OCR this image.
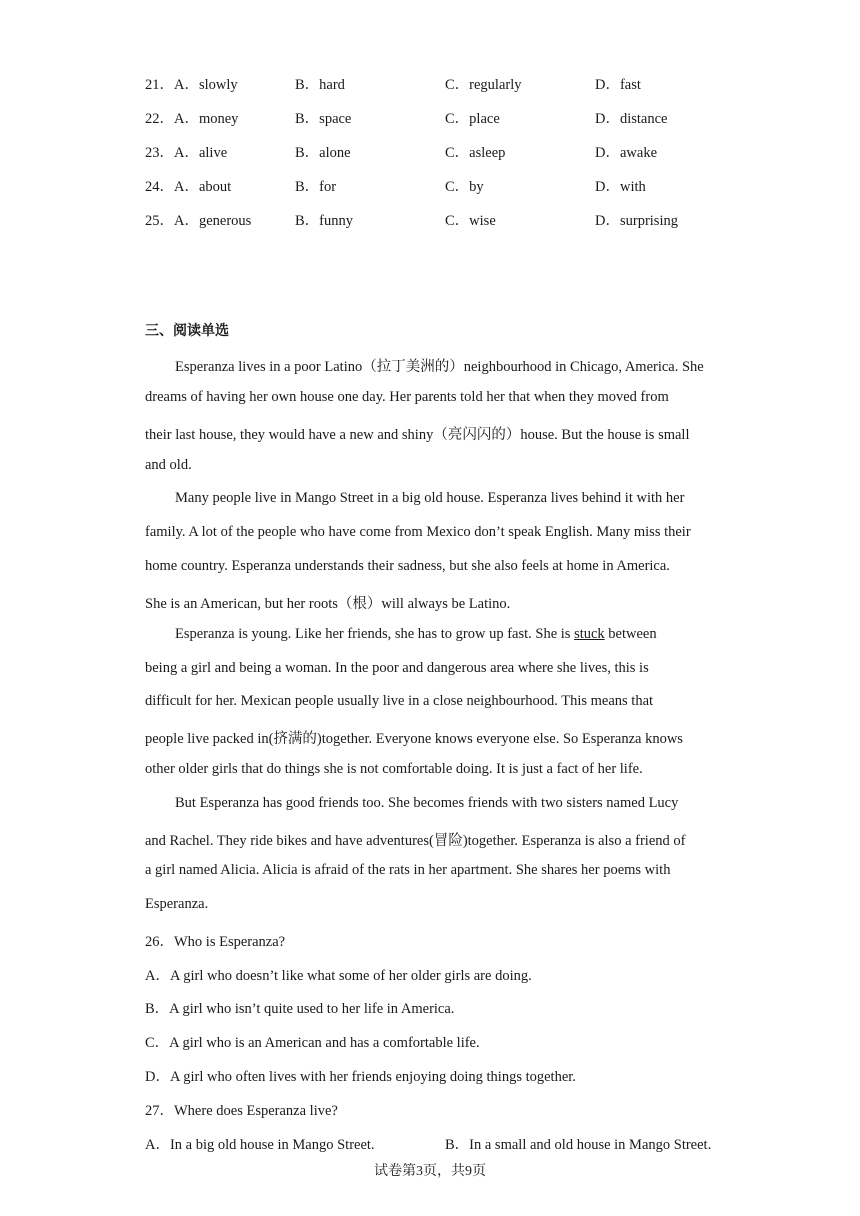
21．A．slowly	B．hard	C．regularly	D．fast
22．A．money	B．space	C．place	D．distance
23．A．alive	B．alone	C．asleep	D．awake
24．A．about	B．for	C．by	D．with
25．A．generous	B．funny	C．wise	D．surprising
三、阅读单选
Esperanza lives in a poor Latino（拉丁美洲的）neighbourhood in Chicago, America. She
dreams of having her own house one day. Her parents told her that when they moved from
their last house, they would have a new and shiny（亮闪闪的）house. But the house is small
and old.
Many people live in Mango Street in a big old house. Esperanza lives behind it with her
family. A lot of the people who have come from Mexico don’t speak English. Many miss their
home country. Esperanza understands their sadness, but she also feels at home in America.
She is an American, but her roots（根）will always be Latino.
Esperanza is young. Like her friends, she has to grow up fast. She is stuck between
being a girl and being a woman. In the poor and dangerous area where she lives, this is
difficult for her. Mexican people usually live in a close neighbourhood. This means that
people live packed in(挤满的)together. Everyone knows everyone else. So Esperanza knows
other older girls that do things she is not comfortable doing. It is just a fact of her life.
But Esperanza has good friends too. She becomes friends with two sisters named Lucy
and Rachel. They ride bikes and have adventures(冒险)together. Esperanza is also a friend of
a girl named Alicia. Alicia is afraid of the rats in her apartment. She shares her poems with
Esperanza.
26．Who is Esperanza?
A．A girl who doesn’t like what some of her older girls are doing.
B．A girl who isn’t quite used to her life in America.
C．A girl who is an American and has a comfortable life.
D．A girl who often lives with her friends enjoying doing things together.
27．Where does Esperanza live?
A．In a big old house in Mango Street.	B．In a small and old house in Mango Street.
试卷第3页，共9页
